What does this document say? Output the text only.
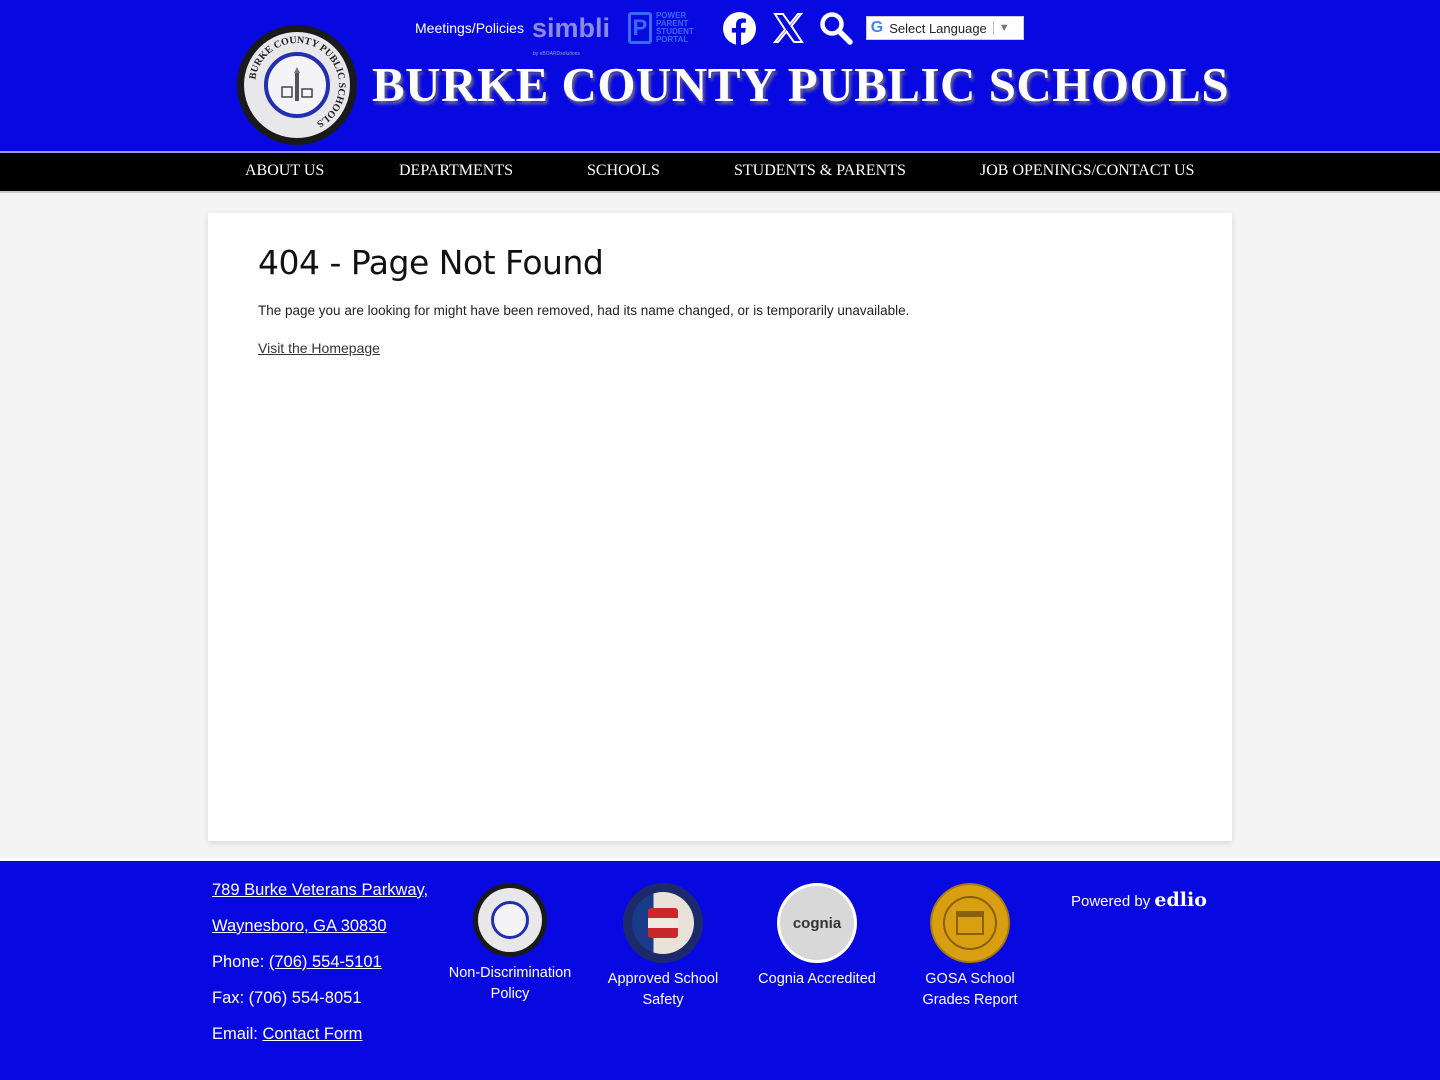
BURKE COUNTY PUBLIC SCHOOLS
Meetings/Policies simbli
by eBOARDsolutions
P	POWER
PARENT
STUDENT
PORTAL
G Select Language ▼
BURKE COUNTY PUBLIC SCHOOLS
ABOUT US	DEPARTMENTS	SCHOOLS	STUDENTS & PARENTS	JOB OPENINGS/CONTACT US
404 - Page Not Found

The page you are looking for might have been removed, had its name changed, or is temporarily unavailable.

Visit the Homepage
789 Burke Veterans Parkway,
Waynesboro, GA 30830
Phone: (706) 554-5101
Fax: (706) 554-8051
Email: Contact Form
Non-Discrimination Policy
Approved School Safety
cognia
Cognia Accredited	GOSA School Grades Report
Powered by edlio
